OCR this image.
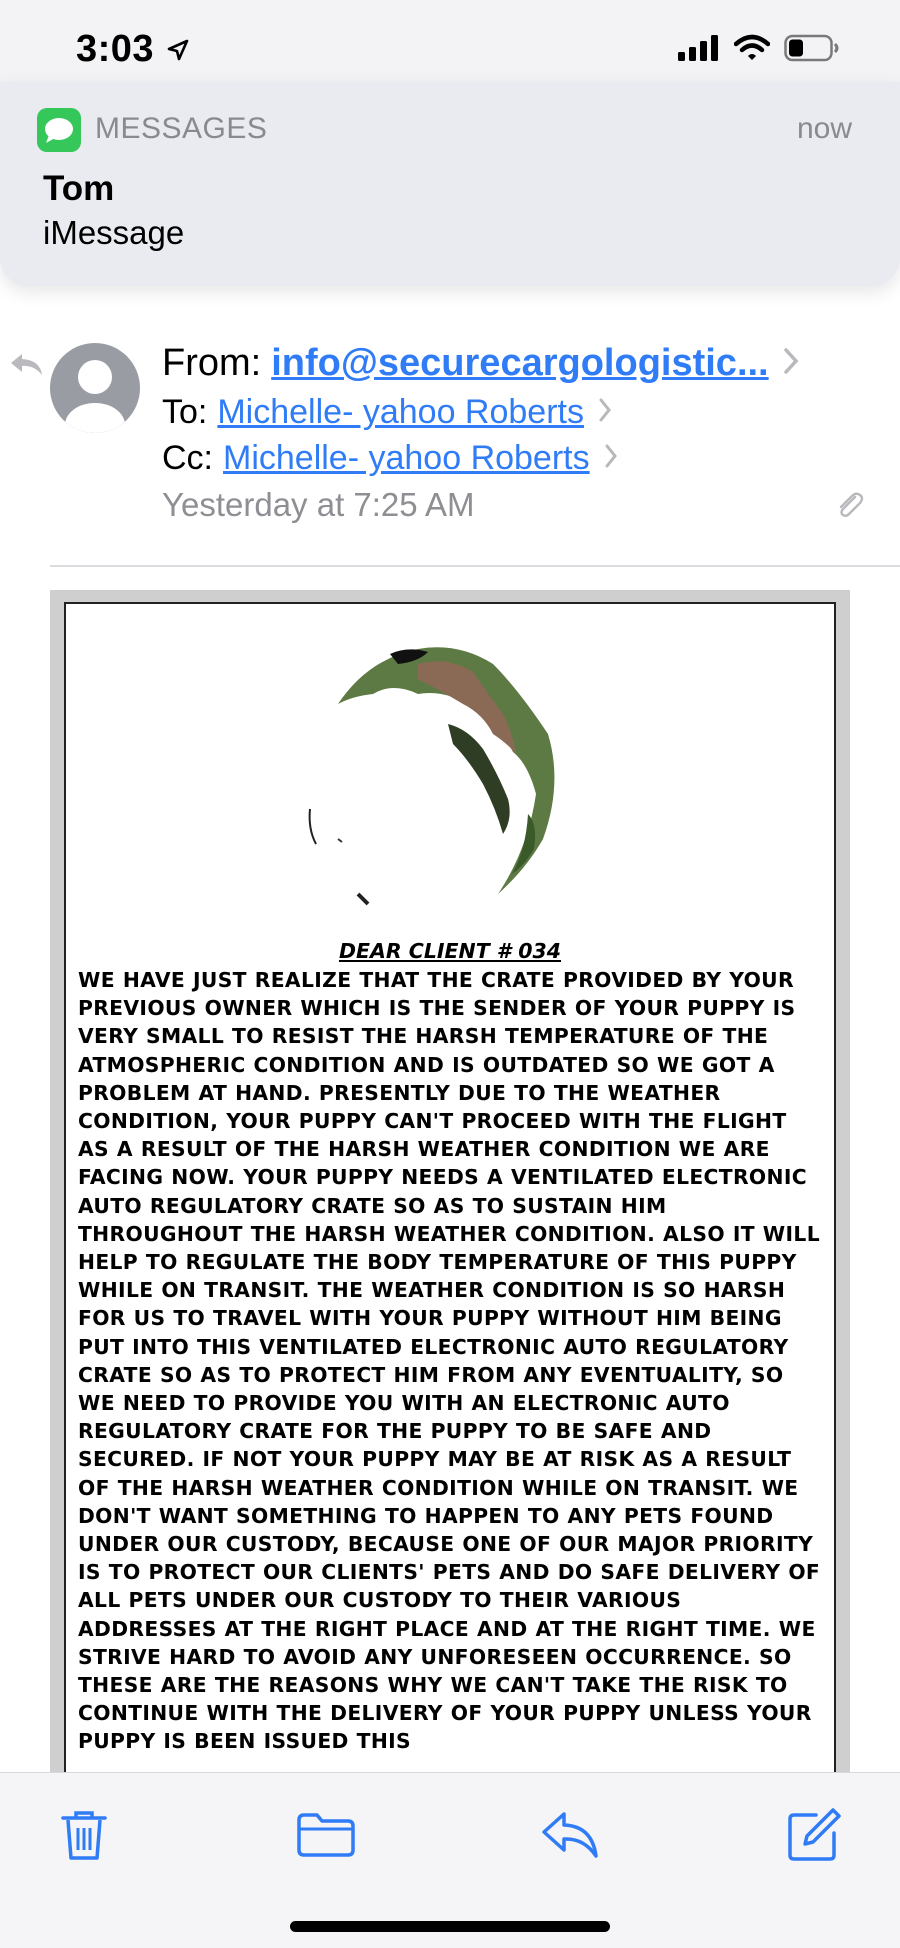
3:03
MESSAGES	now
Tom
iMessage
From: info@securecargologistic...
To: Michelle- yahoo Roberts
Cc: Michelle- yahoo Roberts
Yesterday at 7:25 AM
DEAR CLIENT # 034
WE HAVE JUST REALIZE THAT THE CRATE PROVIDED BY YOUR PREVIOUS OWNER WHICH IS THE SENDER OF YOUR PUPPY IS VERY SMALL TO RESIST THE HARSH TEMPERATURE OF THE ATMOSPHERIC CONDITION AND IS OUTDATED SO WE GOT A PROBLEM AT HAND. PRESENTLY DUE TO THE WEATHER CONDITION, YOUR PUPPY CAN'T PROCEED WITH THE FLIGHT AS A RESULT OF THE HARSH WEATHER CONDITION WE ARE FACING NOW. YOUR PUPPY NEEDS A VENTILATED ELECTRONIC AUTO REGULATORY CRATE SO AS TO SUSTAIN HIM THROUGHOUT THE HARSH WEATHER CONDITION. ALSO IT WILL HELP TO REGULATE THE BODY TEMPERATURE OF THIS PUPPY WHILE ON TRANSIT. THE WEATHER CONDITION IS SO HARSH FOR US TO TRAVEL WITH YOUR PUPPY WITHOUT HIM BEING PUT INTO THIS VENTILATED ELECTRONIC AUTO REGULATORY CRATE SO AS TO PROTECT HIM FROM ANY EVENTUALITY, SO WE NEED TO PROVIDE YOU WITH AN ELECTRONIC AUTO REGULATORY CRATE FOR THE PUPPY TO BE SAFE AND SECURED. IF NOT YOUR PUPPY MAY BE AT RISK AS A RESULT OF THE HARSH WEATHER CONDITION WHILE ON TRANSIT. WE DON'T WANT SOMETHING TO HAPPEN TO ANY PETS FOUND UNDER OUR CUSTODY, BECAUSE ONE OF OUR MAJOR PRIORITY IS TO PROTECT OUR CLIENTS' PETS AND DO SAFE DELIVERY OF ALL PETS UNDER OUR CUSTODY TO THEIR VARIOUS ADDRESSES AT THE RIGHT PLACE AND AT THE RIGHT TIME. WE STRIVE HARD TO AVOID ANY UNFORESEEN OCCURRENCE. SO THESE ARE THE REASONS WHY WE CAN'T TAKE THE RISK TO CONTINUE WITH THE DELIVERY OF YOUR PUPPY UNLESS YOUR PUPPY IS BEEN ISSUED THIS
